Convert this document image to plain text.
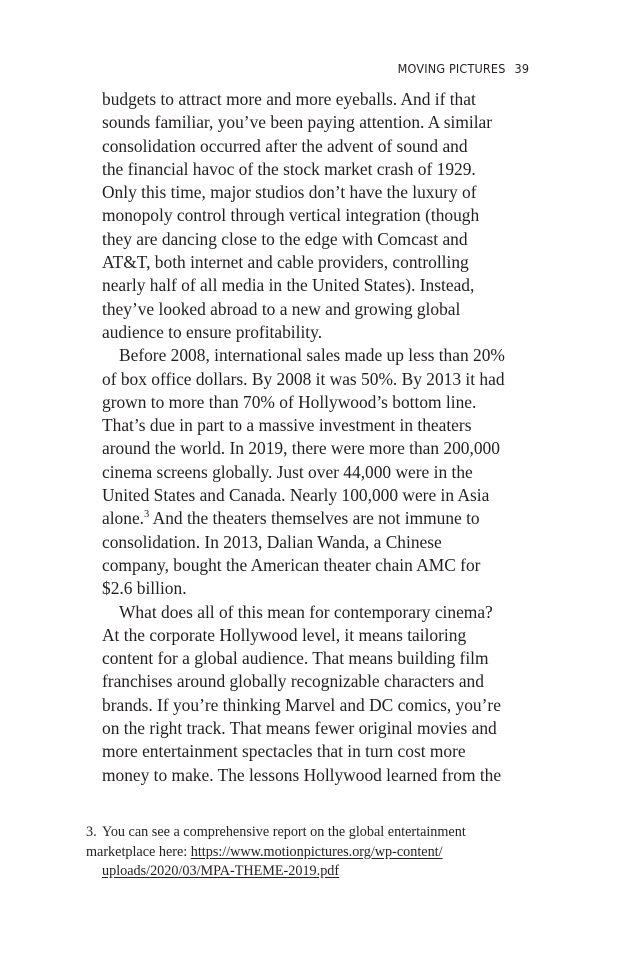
MOVING PICTURES 39

budgets to attract more and more eyeballs. And if that
sounds familiar, you’ve been paying attention. A similar
consolidation occurred after the advent of sound and
the financial havoc of the stock market crash of 1929.
Only this time, major studios don’t have the luxury of
monopoly control through vertical integration (though
they are dancing close to the edge with Comcast and
AT&T, both internet and cable providers, controlling
nearly half of all media in the United States). Instead,
they’ve looked abroad to a new and growing global
audience to ensure profitability.

Before 2008, international sales made up less than 20%
of box office dollars. By 2008 it was 50%. By 2013 it had
grown to more than 70% of Hollywood’s bottom line.
That’s due in part to a massive investment in theaters
around the world. In 2019, there were more than 200,000
cinema screens globally. Just over 44,000 were in the
United States and Canada. Nearly 100,000 were in Asia
alone.$^3$ And the theaters themselves are not immune to
consolidation. In 2013, Dalian Wanda, a Chinese
company, bought the American theater chain AMC for
$2.6 billion.

What does all of this mean for contemporary cinema?
At the corporate Hollywood level, it means tailoring
content for a global audience. That means building film
franchises around globally recognizable characters and
brands. If you’re thinking Marvel and DC comics, you’re
on the right track. That means fewer original movies and
more entertainment spectacles that in turn cost more
money to make. The lessons Hollywood learned from the

3. You can see a comprehensive report on the global entertainment
marketplace here: https://www.motionpictures.org/wp-content/
uploads/2020/03/MPA-THEME-2019.pdf
